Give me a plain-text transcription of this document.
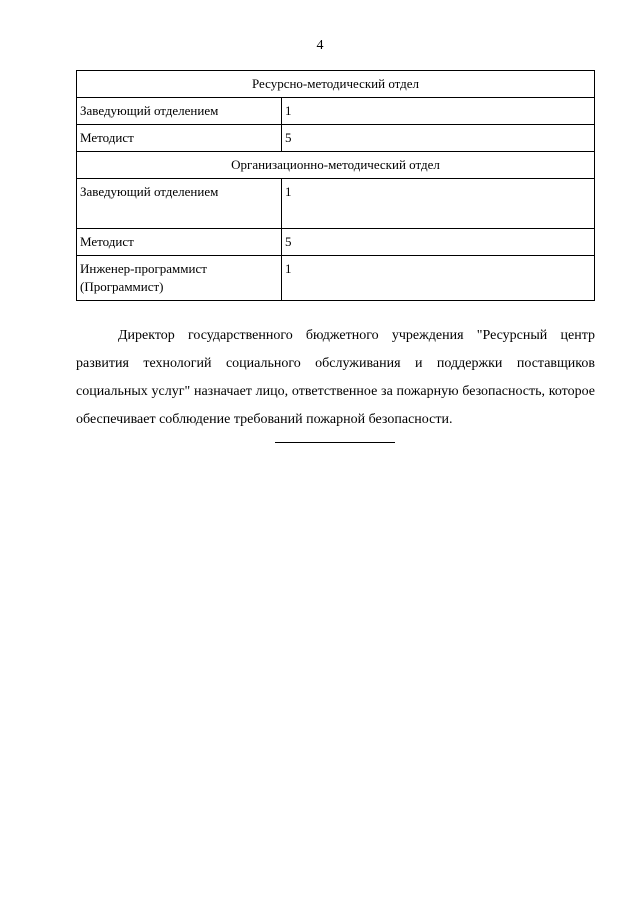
4
Ресурсно-методический отдел	
Заведующий отделением	1
Методист	5
Организационно-методический отдел	
Заведующий отделением	1
Методист	5
Инженер-программист (Программист)	1
Директор государственного бюджетного учреждения "Ресурсный центр развития технологий социального обслуживания и поддержки поставщиков социальных услуг" назначает лицо, ответственное за пожарную безопасность, которое обеспечивает соблюдение требований пожарной безопасности.
